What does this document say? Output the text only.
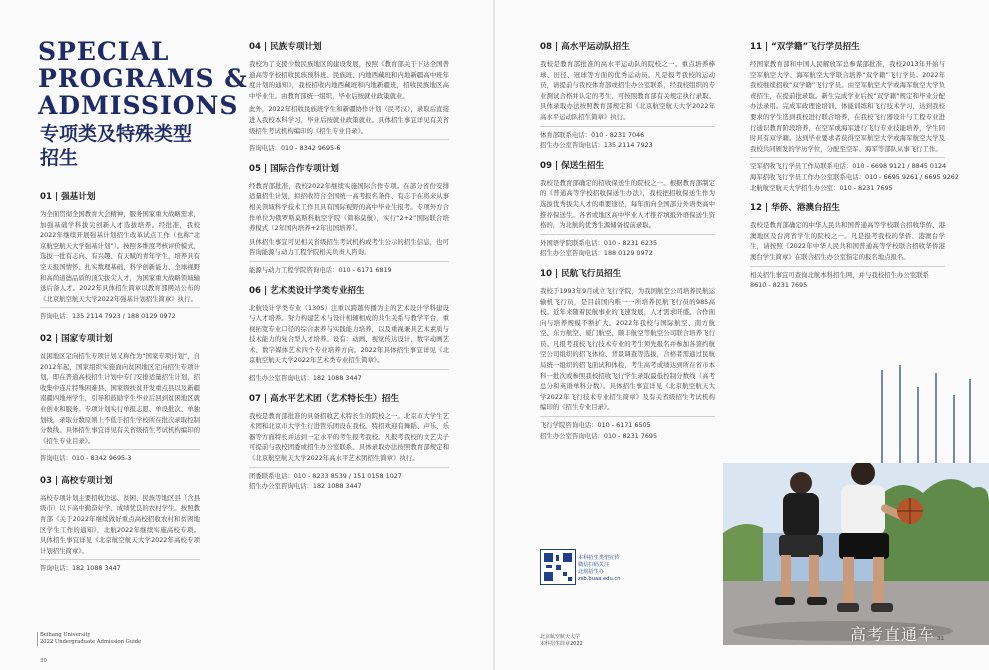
SPECIAL
PROGRAMS &
ADMISSIONS
专项类及特殊类型
招生
01 | 强基计划

为全面贯彻全国教育大会精神，服务国家重大战略需求，加强基础学科拔尖创新人才选拔培养。经批准，我校2022年继续开展强基计划招生改革试点工作（也称“北京航空航天大学强基计划”）。按照多维度考核评价模式，选拔一批有志向、有兴趣、有天赋的青年学生，培养具有空天报国情怀、扎实数理基础、科学创新能力、全球视野和高尚道德品质的顶尖拔尖人才，为国家重大战略领域输送后备人才。2022年具体招生简章以教育部网站公布的《北京航空航天大学2022年强基计划招生简章》执行。

咨询电话：135 2114 7923 / 188 0129 0972
02 | 国家专项计划

贫困地区定向招生专项计划又称作为“国家专项计划”，自2012年起，国家组织实施面向贫困地区定向招生专项计划，即在普通高校招生计划中专门安排适量招生计划，招收集中连片特殊困难县、国家级扶贫开发重点县以及新疆南疆四地州学生，引导和鼓励学生毕业后回到贫困地区就业创业和服务。专项计划实行单报志愿、单设批次、单独划线，录取分数原则上不低于招生学校所在批次录取控制分数线。具体招生事宜详见有关省级招生考试机构编印的《招生专业目录》。

咨询电话：010 - 8342 9695-3
03 | 高校专项计划

高校专项计划主要招收边远、贫困、民族等地区县（含县级市）以下高中勤奋好学、成绩优良的农村学生。按照教育部《关于2022年继续做好重点高校招收农村和贫困地区学生工作的通知》，北航2022年继续实施高校专项。具体招生事宜详见《北京航空航天大学2022年高校专项计划招生简章》。

咨询电话：182 1088 3447
04 | 民族专项计划

我校为了支援少数民族地区的建设发展，按照《教育部关于下达全国普通高等学校招收民族预科班、民族班、内地西藏班和内地新疆高中班年度计划的通知》，我校招收内地西藏班和内地新疆班，招收民族地区高中毕业生。由教育部统一组织，毕业后按就业政策就业。

此外，2022年招收民族班学生和新疆协作计划（民考汉），录取后直接进入我校本科学习，毕业后按就业政策就业。具体招生事宜详见有关省级招生考试机构编印的《招生专业目录》。

咨询电话：010 - 8342 9695-6
05 | 国际合作专项计划

经教育部批准，我校2022年继续实施国际合作专项。在部分省份安排适量招生计划，拟招收符合全国统一高考报名条件、有志于在将来从事相关领域科学技术工作且具有国际视野的高中毕业生报考。专项外方合作单位为俄罗斯莫斯科航空学院（简称莫航），实行“2+2”国际联合培养模式（2年国内培养+2年出国培养）。

具体招生事宜可见相关省级招生考试机构或考生公示的招生信息，也可咨询能源与动力工程学院相关负责人咨询。

能源与动力工程学院咨询电话：010 - 6171 6819
06 | 艺术类设计学类专业招生

北航设计学类专业（130S）注重以跨越传播为主的艺术设计学科建设与人才培养。努力构建艺术与设计相辅相成的共生关系与教学平台，重视拓宽专业口径的综合素养与实践能力培养，以及重视兼具艺术素质与技术能力的复合型人才培养。设有：动画、视觉传达设计、数字动画艺术、数字媒体艺术四个专业培养方向。2022年具体招生事宜详见《北京航空航天大学2022年艺术类专业招生简章》。

招生办公室咨询电话：182 1088 3447
07 | 高水平艺术团（艺术特长生）招生

我校是教育部批准的具备招收艺术特长生的院校之一。北京市大学生艺术团和北京市大学生行进管乐团设在我校。特招欢迎有舞蹈、声乐、乐器等方面特长并达到一定水平的考生报考我校。凡报考我校的文艺尖子可提前与我校团委或招生办公室联系。具体录取办法按照教育部规定和《北京航空航天大学2022年高水平艺术团招生简章》执行。

团委联系电话：010 - 8233 8539 / 151 0158 1027
招生办公室咨询电话：182 1088 3447
08 | 高水平运动队招生

我校是教育部批准的高水平运动队的院校之一。重点培养棒球、田径、冠球等方面的优秀运动员。凡是报考我校的运动员，请提前与我校体育部或招生办公室联系，经我校组织的专业测试合格并认定的考生，可按照教育部有关规定执行录取。具体录取办法按照教育部规定和《北京航空航天大学2022年高水平运动队招生简章》执行。

体育部联系电话：010 - 8231 7046
招生办公室咨询电话：135 2114 7923
09 | 保送生招生

我校是教育部确定的招收保送生的院校之一。根据教育部制定的《普通高等学校招收保送生办法》，我校把招收保送生作为选拔优秀拔尖人才的重要途径，每年面向全国部分外语类高中推荐保送生。各省或地区高中毕业人才推荐填报外语保送生资格的，为北航的优秀生源储备提前录取。

外国语学院联系电话：010 - 8231 6235
招生办公室咨询电话：188 0129 0972
10 | 民航飞行员招生

我校于1993年9月成立飞行学院，为我国航空公司培养民航运输机飞行员，是目前国内唯一一所培养民航飞行员的985高校。近年来随着民航事业的飞速发展，人才需求旺盛。合作面向与培养规模不断扩大。2022年我校与国际航空、南方航空、东方航空、厦门航空、顺丰航空等航空公司联合培养飞行员。凡报考我校飞行技术专业的考生须先报名并参加各签约航空公司组织的招飞体检、背景调查等选拔，合格者需通过民航局统一组织的招飞面试和体检，考生高考成绩达到所在省市本科一批次或参照我校招收飞行学生录取最低控制分数线（高考总分和英语单科分数）。具体招生事宜详见《北京航空航天大学2022年飞行技术专业招生简章》及有关省级招生考试机构编印的《招生专业目录》。

飞行学院咨询电话：010 - 6171 6505
招生办公室咨询电话：010 - 8231 7695
11 | “双学籍”飞行学员招生

经国家教育部和中国人民解放军总参谋部批准，我校2013年开始与空军航空大学、海军航空大学联合培养“双学籍”飞行学员。2022年我校继续招收“双学籍”飞行学员。由空军航空大学或海军航空大学负责招生，在提前批录取。新生完成学业后按“双学籍”规定和毕业分配办法录用。完成军政理论培训、体能训练和飞行技术学习，达到我校要求的学生选到我校进行联合培养，在我校飞行器设计与工程专业进行通识教育阶段培养，在空军或海军进行飞行专业技能培养，学生同时具有双学籍。达到毕业要求者获得空军航空大学或海军航空大学及我校共同颁发的学历学位，分配至空军、海军等部队从事飞行工作。

空军招收飞行学员工作局联系电话：010 - 6698 9121 / 8845 0124
海军招收飞行学员工作办公室联系电话：010 - 6695 9261 / 6695 9262
北航航空航天大学招生办公室：010 - 8231 7695
12 | 华侨、港澳台招生

我校是教育部确定的中华人民共和国普通高等学校联合招收华侨、港澳地区及台湾省学生的院校之一。凡是报考我校的华侨、港澳台学生，请按照《2022年中华人民共和国普通高等学校联合招收华侨港澳台学生简章》在联合招生办公室指定的报名地点报名。

相关招生事宜可查询北航本科招生网，并与我校招生办公室联系
8610 - 8231 7695
高考直通车
本科招生类型宣传
微信扫码关注
北航招生办
zsb.buaa.edu.cn
Beihang University
2022 Undergraduate Admission Guide
30
北京航空航天大学
本科招生简章2022
31
